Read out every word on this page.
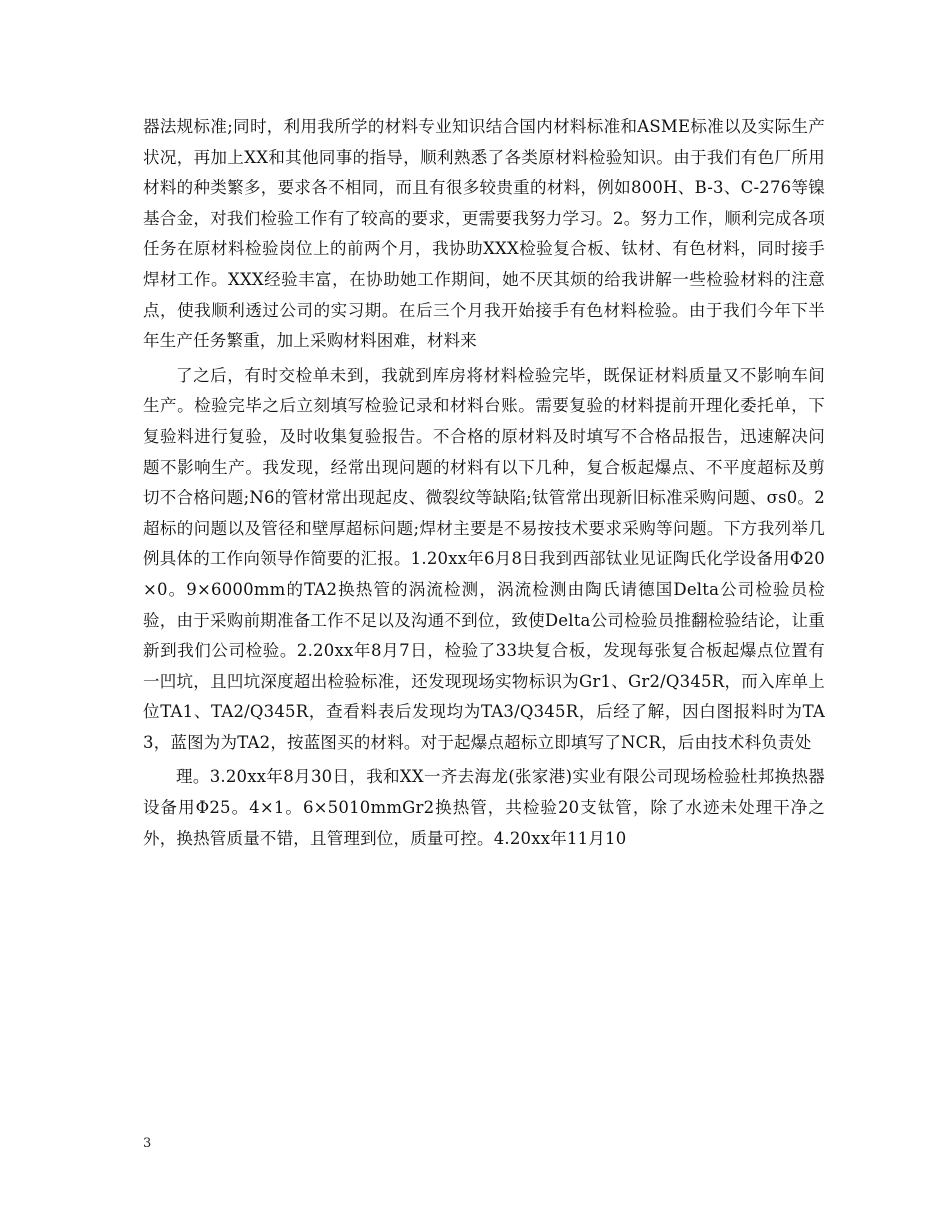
器法规标准;同时，利用我所学的材料专业知识结合国内材料标准和ASME标准以及实际生产状况，再加上XX和其他同事的指导，顺利熟悉了各类原材料检验知识。由于我们有色厂所用材料的种类繁多，要求各不相同，而且有很多较贵重的材料，例如800H、B-3、C-276等镍基合金，对我们检验工作有了较高的要求，更需要我努力学习。2。努力工作，顺利完成各项任务在原材料检验岗位上的前两个月，我协助XXX检验复合板、钛材、有色材料，同时接手焊材工作。XXX经验丰富，在协助她工作期间，她不厌其烦的给我讲解一些检验材料的注意点，使我顺利透过公司的实习期。在后三个月我开始接手有色材料检验。由于我们今年下半年生产任务繁重，加上采购材料困难，材料来

了之后，有时交检单未到，我就到库房将材料检验完毕，既保证材料质量又不影响车间生产。检验完毕之后立刻填写检验记录和材料台账。需要复验的材料提前开理化委托单，下复验料进行复验，及时收集复验报告。不合格的原材料及时填写不合格品报告，迅速解决问题不影响生产。我发现，经常出现问题的材料有以下几种，复合板起爆点、不平度超标及剪切不合格问题;N6的管材常出现起皮、微裂纹等缺陷;钛管常出现新旧标准采购问题、σs0。2超标的问题以及管径和壁厚超标问题;焊材主要是不易按技术要求采购等问题。下方我列举几例具体的工作向领导作简要的汇报。1.20xx年6月8日我到西部钛业见证陶氏化学设备用Φ20×0。9×6000mm的TA2换热管的涡流检测，涡流检测由陶氏请德国Delta公司检验员检验，由于采购前期准备工作不足以及沟通不到位，致使Delta公司检验员推翻检验结论，让重新到我们公司检验。2.20xx年8月7日，检验了33块复合板，发现每张复合板起爆点位置有一凹坑，且凹坑深度超出检验标准，还发现现场实物标识为Gr1、Gr2/Q345R，而入库单上位TA1、TA2/Q345R，查看料表后发现均为TA3/Q345R，后经了解，因白图报料时为TA3，蓝图为为TA2，按蓝图买的材料。对于起爆点超标立即填写了NCR，后由技术科负责处

理。3.20xx年8月30日，我和XX一齐去海龙(张家港)实业有限公司现场检验杜邦换热器设备用Φ25。4×1。6×5010mmGr2换热管，共检验20支钛管，除了水迹未处理干净之外，换热管质量不错，且管理到位，质量可控。4.20xx年11月10

3
